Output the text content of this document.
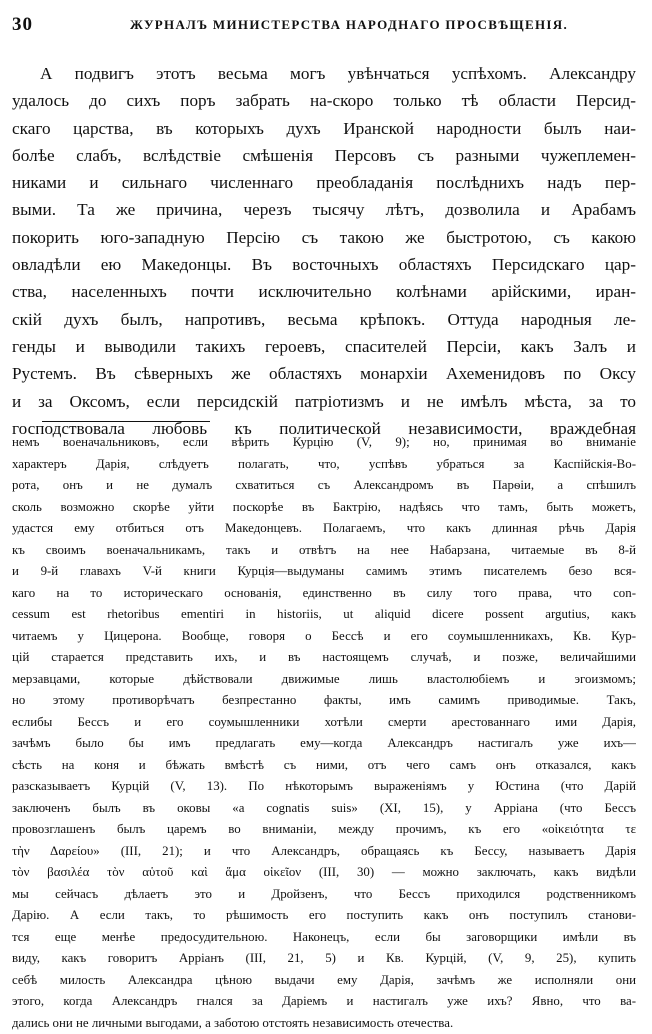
30	ЖУРНАЛЪ МИНИСТЕРСТВА НАРОДНАГО ПРОСВѢЩЕНІЯ.
А подвигъ этотъ весьма могъ увѣнчаться успѣхомъ. Александру
удалось до сихъ поръ забрать на-скоро только тѣ области Персид-
скаго царства, въ которыхъ духъ Иранской народности былъ наи-
болѣе слабъ, вслѣдствіе смѣшенія Персовъ съ разными чужеплемен-
никами и сильнаго численнаго преобладанія послѣднихъ надъ пер-
выми. Та же причина, черезъ тысячу лѣтъ, дозволила и Арабамъ
покорить юго-западную Персію съ такою же быстротою, съ какою
овладѣли ею Македонцы. Въ восточныхъ областяхъ Персидскаго цар-
ства, населенныхъ почти исключительно колѣнами арійскими, иран-
скій духъ былъ, напротивъ, весьма крѣпокъ. Оттуда народныя ле-
генды и выводили такихъ героевъ, спасителей Персіи, какъ Залъ и
Рустемъ. Въ сѣверныхъ же областяхъ монархіи Ахеменидовъ по Оксу
и за Оксомъ, если персидскій патріотизмъ и не имѣлъ мѣста, за то
господствовала любовь къ политической независимости, враждебная
немъ военачальниковъ, если вѣрить Курцію (V, 9); но, принимая во вниманіе
характеръ Дарія, слѣдуетъ полагать, что, успѣвъ убраться за Каспійскія-Во-
рота, онъ и не думалъ схватиться съ Александромъ въ Парѳіи, а спѣшилъ
сколь возможно скорѣе уйти поскорѣе въ Бактрію, надѣясь что тамъ, быть можетъ,
удастся ему отбиться отъ Македонцевъ. Полагаемъ, что какъ длинная рѣчь Дарія
къ своимъ военачальникамъ, такъ и отвѣтъ на нее Набарзана, читаемые въ 8-й
и 9-й главахъ V-й книги Курція—выдуманы самимъ этимъ писателемъ безо вся-
каго на то историческаго основанія, единственно въ силу того права, что con-
cessum est rhetoribus ementiri in historiis, ut aliquid dicere possent argutius, какъ
читаемъ у Цицерона. Вообще, говоря о Бессѣ и его соумышленникахъ, Кв. Кур-
цій старается представить ихъ, и въ настоящемъ случаѣ, и позже, величайшими
мерзавцами, которые дѣйствовали движимые лишь властолюбіемъ и эгоизмомъ;
но этому противорѣчатъ безпрестанно факты, имъ самимъ приводимые. Такъ,
еслибы Бессъ и его соумышленники хотѣли смерти арестованнаго ими Дарія,
зачѣмъ было бы имъ предлагать ему—когда Александръ настигалъ уже ихъ—
сѣсть на коня и бѣжать вмѣстѣ съ ними, отъ чего самъ онъ отказался, какъ
разсказываетъ Курцій (V, 13). По нѣкоторымъ выраженіямъ у Юстина (что Дарій
заключенъ былъ въ оковы «a cognatis suis» (XI, 15), у Арріана (что Бессъ
провозглашенъ былъ царемъ во вниманіи, между прочимъ, къ его «οἰκειότητα τε
τὴν Δαρείου» (III, 21); и что Александръ, обращаясь къ Бессу, называетъ Дарія
τὸν βασιλέα τὸν αὑτοῦ καὶ ἅμα οἰκεῖον (III, 30) — можно заключать, какъ видѣли
мы сейчасъ дѣлаетъ это и Дройзенъ, что Бессъ приходился родственникомъ
Дарію. А если такъ, то рѣшимость его поступить какъ онъ поступилъ станови-
тся еще менѣе предосудительною. Наконецъ, если бы заговорщики имѣли въ
виду, какъ говоритъ Арріанъ (III, 21, 5) и Кв. Курцій, (V, 9, 25), купить
себѣ милость Александра цѣною выдачи ему Дарія, зачѣмъ же исполняли они
этого, когда Александръ гнался за Даріемъ и настигалъ уже ихъ? Явно, что ва-
дались они не личными выгодами, а заботою отстоять независимость отечества.
